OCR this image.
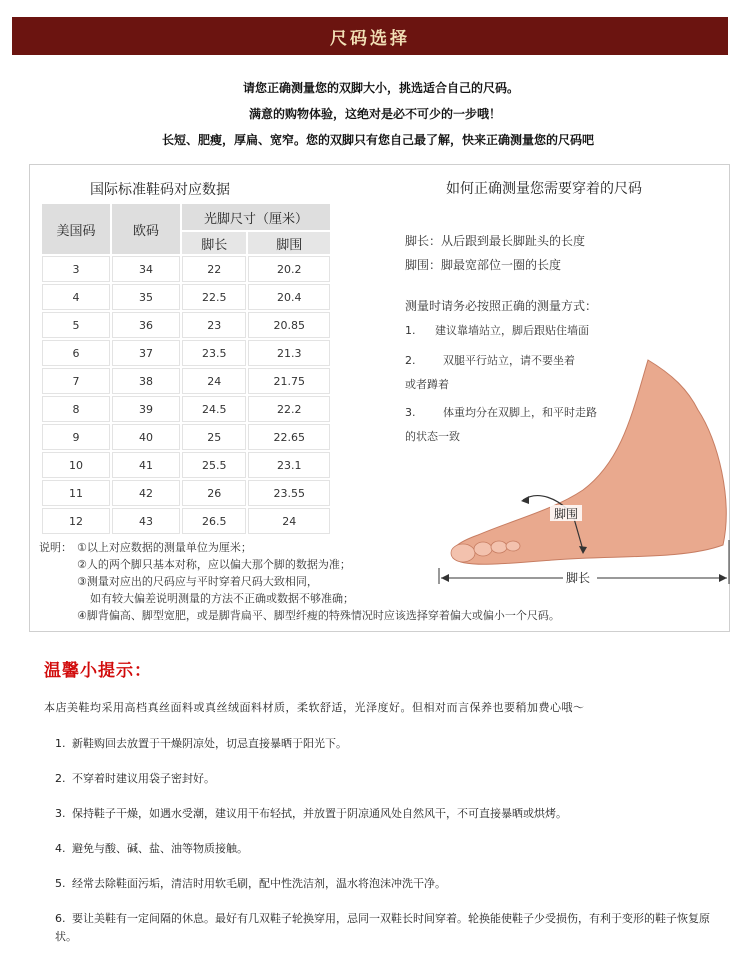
尺码选择

请您正确测量您的双脚大小，挑选适合自己的尺码。

满意的购物体验，这绝对是必不可少的一步哦！

长短、肥瘦，厚扁、宽窄。您的双脚只有您自己最了解，快来正确测量您的尺码吧

国际标准鞋码对应数据	如何正确测量您需要穿着的尺码
美国码	欧码	光脚尺寸（厘米）	
		脚长	脚围
3	34	22	20.2
4	35	22.5	20.4
5	36	23	20.85
6	37	23.5	21.3
7	38	24	21.75
8	39	24.5	22.2
9	40	25	22.65
10	41	25.5	23.1
11	42	26	23.55
12	43	26.5	24
说明： ①以上对应数据的测量单位为厘米；
②人的两个脚只基本对称，应以偏大那个脚的数据为准；
③测量对应出的尺码应与平时穿着尺码大致相同，
如有较大偏差说明测量的方法不正确或数据不够准确；
④脚背偏高、脚型宽肥，或是脚背扁平、脚型纤瘦的特殊情况时应该选择穿着偏大或偏小一个尺码。
脚长：从后跟到最长脚趾头的长度
脚围：脚最宽部位一圈的长度
测量时请务必按照正确的测量方式：
1. 建议靠墙站立，脚后跟贴住墙面
2.	双腿平行站立，请不要坐着
或者蹲着
3.	体重均分在双脚上，和平时走路
的状态一致
脚围
脚长
温馨小提示：
本店美鞋均采用高档真丝面料或真丝绒面料材质，柔软舒适，光泽度好。但相对而言保养也要稍加费心哦～
1. 新鞋购回去放置于干燥阴凉处，切忌直接暴晒于阳光下。
2. 不穿着时建议用袋子密封好。
3. 保持鞋子干燥，如遇水受潮，建议用干布轻拭，并放置于阴凉通风处自然风干，不可直接暴晒或烘烤。
4. 避免与酸、碱、盐、油等物质接触。
5. 经常去除鞋面污垢，清洁时用软毛刷，配中性洗洁剂，温水将泡沫冲洗干净。
6. 要让美鞋有一定间隔的休息。最好有几双鞋子轮换穿用，忌同一双鞋长时间穿着。轮换能使鞋子少受损伤，有利于变形的鞋子恢复原状。
